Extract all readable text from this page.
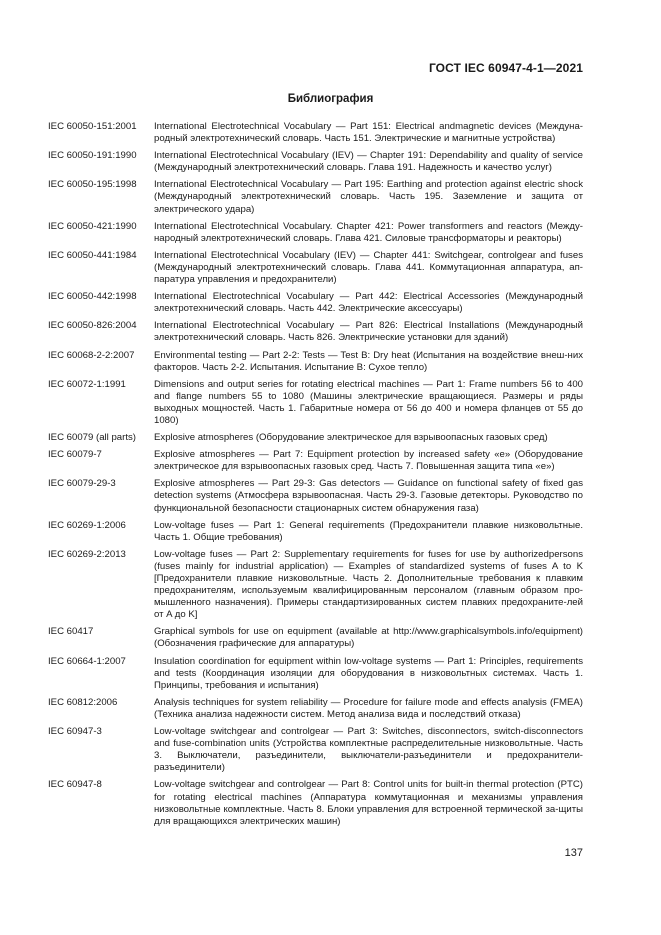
ГОСТ IEC 60947-4-1—2021
Библиография
IEC 60050-151:2001	International Electrotechnical Vocabulary — Part 151: Electrical andmagnetic devices (Междуна-родный электротехнический словарь. Часть 151. Электрические и магнитные устройства)
IEC 60050-191:1990	International Electrotechnical Vocabulary (IEV) — Chapter 191: Dependability and quality of service (Международный электротехнический словарь. Глава 191. Надежность и качество услуг)
IEC 60050-195:1998	International Electrotechnical Vocabulary — Part 195: Earthing and protection against electric shock (Международный электротехнический словарь. Часть 195. Заземление и защита от электрического удара)
IEC 60050-421:1990	International Electrotechnical Vocabulary. Chapter 421: Power transformers and reactors (Между-народный электротехнический словарь. Глава 421. Силовые трансформаторы и реакторы)
IEC 60050-441:1984	International Electrotechnical Vocabulary (IEV) — Chapter 441: Switchgear, controlgear and fuses (Международный электротехнический словарь. Глава 441. Коммутационная аппаратура, ап-паратура управления и предохранители)
IEC 60050-442:1998	International Electrotechnical Vocabulary — Part 442: Electrical Accessories (Международный электротехнический словарь. Часть 442. Электрические аксессуары)
IEC 60050-826:2004	International Electrotechnical Vocabulary — Part 826: Electrical Installations (Международный электротехнический словарь. Часть 826. Электрические установки для зданий)
IEC 60068-2-2:2007	Environmental testing — Part 2-2: Tests — Test B: Dry heat (Испытания на воздействие внеш-них факторов. Часть 2-2. Испытания. Испытание B: Сухое тепло)
IEC 60072-1:1991	Dimensions and output series for rotating electrical machines — Part 1: Frame numbers 56 to 400 and flange numbers 55 to 1080 (Машины электрические вращающиеся. Размеры и ряды выходных мощностей. Часть 1. Габаритные номера от 56 до 400 и номера фланцев от 55 до 1080)
IEC 60079 (all parts)	Explosive atmospheres (Оборудование электрическое для взрывоопасных газовых сред)
IEC 60079-7	Explosive atmospheres — Part 7: Equipment protection by increased safety «e» (Оборудование электрическое для взрывоопасных газовых сред. Часть 7. Повышенная защита типа «e»)
IEC 60079-29-3	Explosive atmospheres — Part 29-3: Gas detectors — Guidance on functional safety of fixed gas detection systems (Атмосфера взрывоопасная. Часть 29-3. Газовые детекторы. Руководство по функциональной безопасности стационарных систем обнаружения газа)
IEC 60269-1:2006	Low-voltage fuses — Part 1: General requirements (Предохранители плавкие низковольтные. Часть 1. Общие требования)
IEC 60269-2:2013	Low-voltage fuses — Part 2: Supplementary requirements for fuses for use by authorizedpersons (fuses mainly for industrial application) — Examples of standardized systems of fuses A to K [Предохранители плавкие низковольтные. Часть 2. Дополнительные требования к плавким предохранителям, используемым квалифицированным персоналом (главным образом про-мышленного назначения). Примеры стандартизированных систем плавких предохраните-лей от A до K]
IEC 60417	Graphical symbols for use on equipment (available at http://www.graphicalsymbols.info/equipment) (Обозначения графические для аппаратуры)
IEC 60664-1:2007	Insulation coordination for equipment within low-voltage systems — Part 1: Principles, requirements and tests (Координация изоляции для оборудования в низковольтных системах. Часть 1. Принципы, требования и испытания)
IEC 60812:2006	Analysis techniques for system reliability — Procedure for failure mode and effects analysis (FMEA) (Техника анализа надежности систем. Метод анализа вида и последствий отказа)
IEC 60947-3	Low-voltage switchgear and controlgear — Part 3: Switches, disconnectors, switch-disconnectors and fuse-combination units (Устройства комплектные распределительные низковольтные. Часть 3. Выключатели, разъединители, выключатели-разъединители и предохранители-разъединители)
IEC 60947-8	Low-voltage switchgear and controlgear — Part 8: Control units for built-in thermal protection (PTC) for rotating electrical machines (Аппаратура коммутационная и механизмы управления низковольтные комплектные. Часть 8. Блоки управления для встроенной термической за-щиты для вращающихся электрических машин)
137
